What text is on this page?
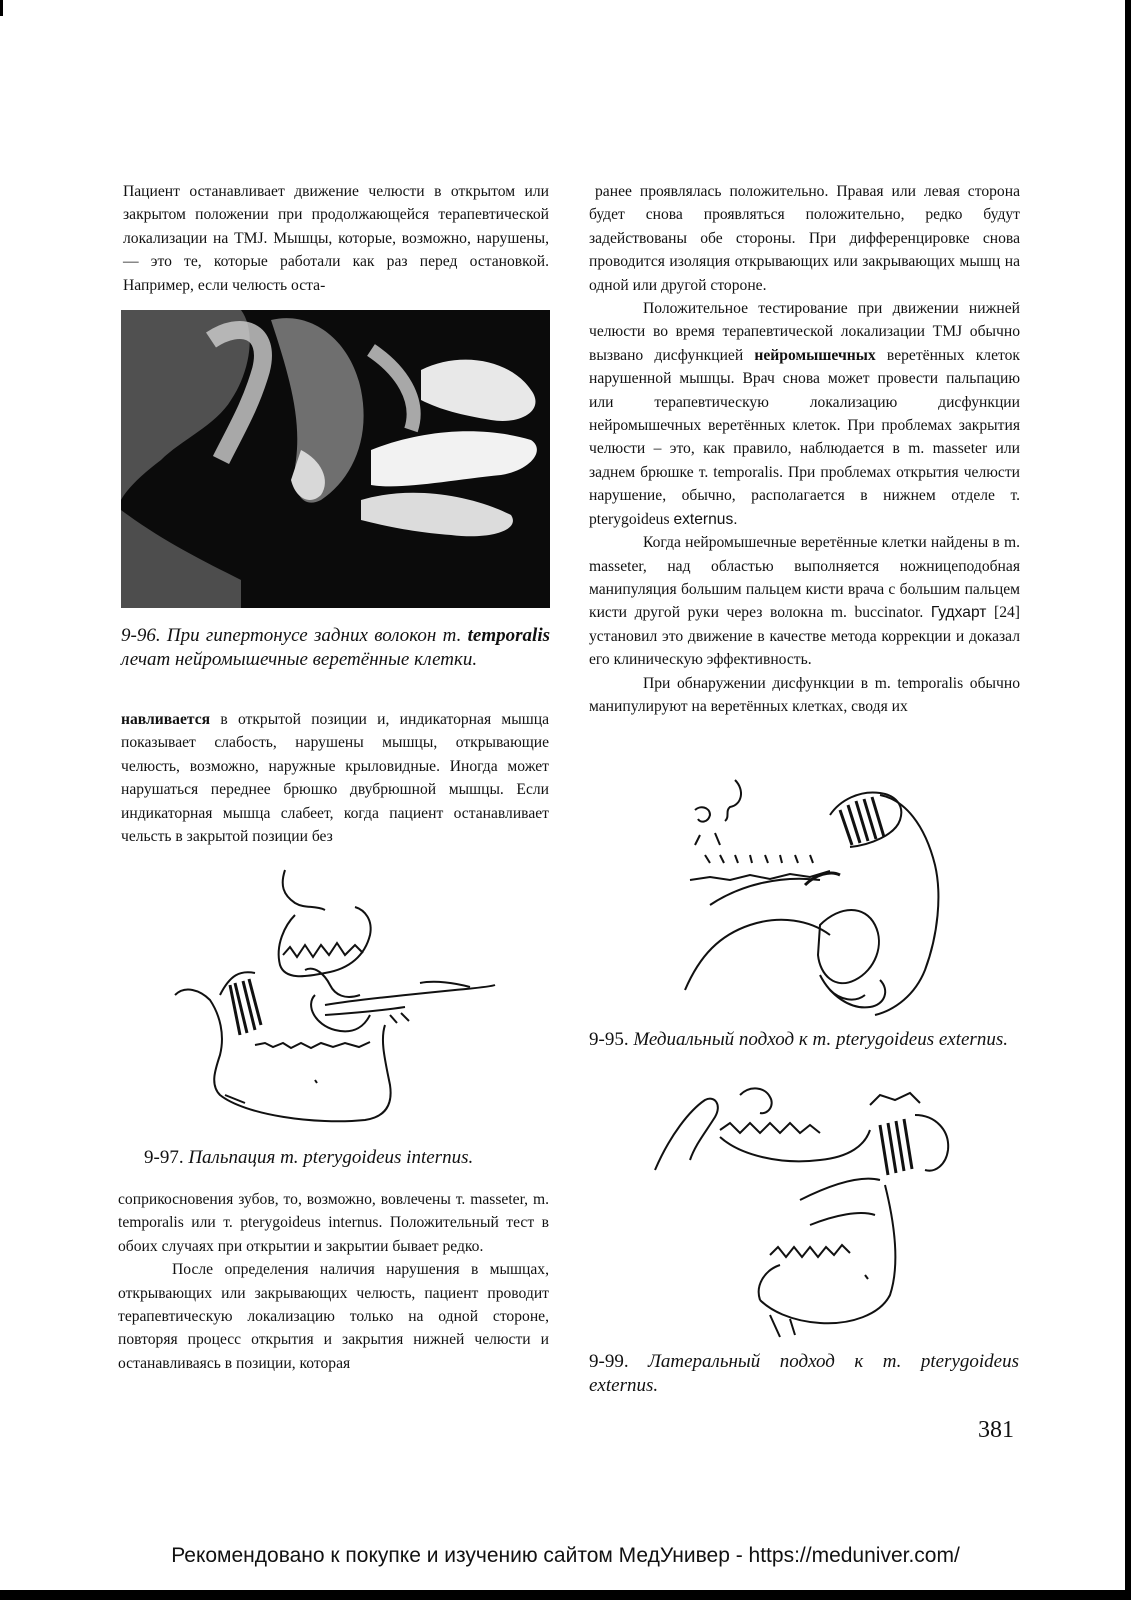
Пациент останавливает движение челюсти в открытом или закрытом положении при продолжающейся терапевтической локализации на TMJ. Мышцы, которые, возможно, нарушены, — это те, которые работали как раз перед остановкой. Например, если челюсть оста-

9-96. При гипертонусе задних волокон т. temporalis лечат нейромышечные веретённые клетки.

навливается в открытой позиции и, индикаторная мышца показывает слабость, нарушены мышцы, открывающие челюсть, возможно, наружные крыловидные. Иногда может нарушаться переднее брюшко двубрюшной мышцы. Если индикаторная мышца слабеет, когда пациент останавливает чельсть в закрытой позиции без

9-97. Пальпация m. pterygoideus internus.

соприкосновения зубов, то, возможно, вовлечены т. masseter, m. temporalis или т. pterygoideus internus. Положительный тест в обоих случаях при открытии и закрытии бывает редко.

После определения наличия нарушения в мышцах, открывающих или закрывающих челюсть, пациент проводит терапевтическую локализацию только на одной стороне, повторяя процесс открытия и закрытия нижней челюсти и останавливаясь в позиции, которая

ранее проявлялась положительно. Правая или левая сторона будет снова проявляться положительно, редко будут задействованы обе стороны. При дифференцировке снова проводится изоляция открывающих или закрывающих мышц на одной или другой стороне.

Положительное тестирование при движении нижней челюсти во время терапевтической локализации TMJ обычно вызвано дисфункцией нейромышечных веретённых клеток нарушенной мышцы. Врач снова может провести пальпацию или терапевтическую локализацию дисфункции нейромышечных веретённых клеток. При проблемах закрытия челюсти – это, как правило, наблюдается в m. masseter или заднем брюшке т. temporalis. При проблемах открытия челюсти нарушение, обычно, располагается в нижнем отделе т. pterygoideus externus.

Когда нейромышечные веретённые клетки найдены в m. masseter, над областью выполняется ножницеподобная манипуляция большим пальцем кисти врача с большим пальцем кисти другой руки через волокна m. buccinator. Гудхарт [24] установил это движение в качестве метода коррекции и доказал его клиническую эффективность.

При обнаружении дисфункции в m. temporalis обычно манипулируют на веретённых клетках, сводя их

9-95. Медиальный подход к т. pterygoideus externus.
9-99. Латеральный подход к т. pterygoideus externus.
381
Рекомендовано к покупке и изучению сайтом МедУнивер - https://meduniver.com/
